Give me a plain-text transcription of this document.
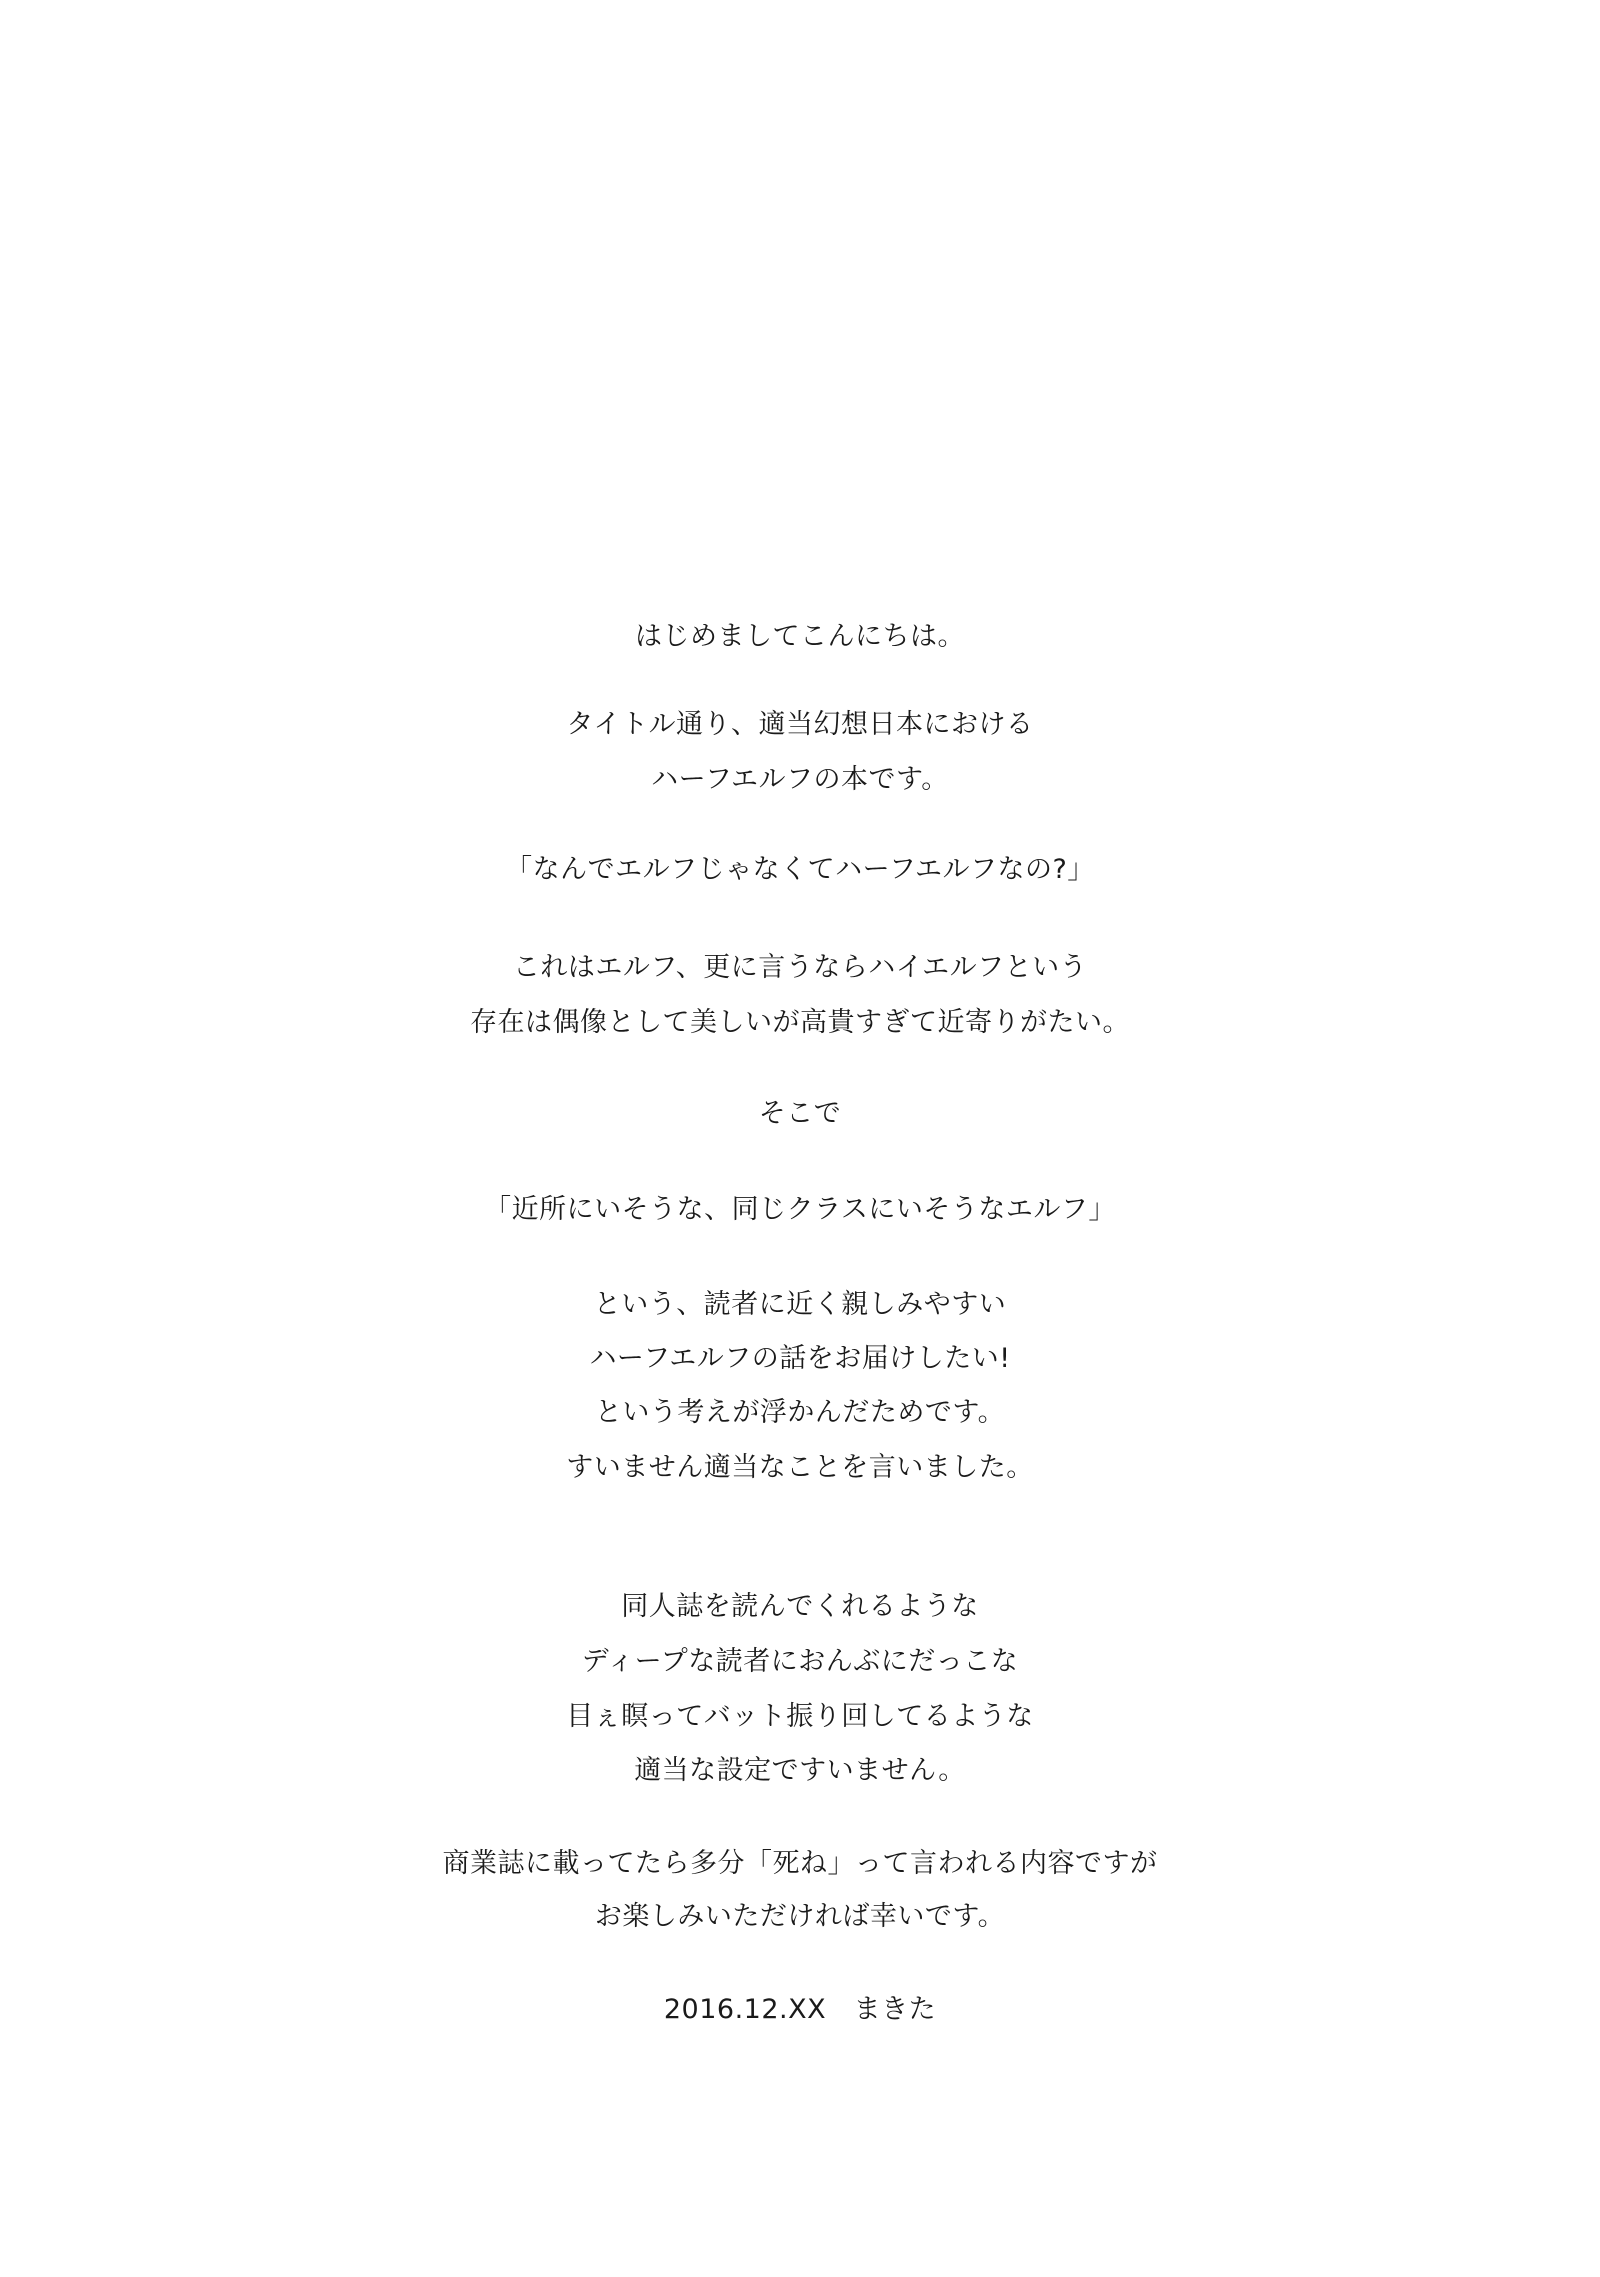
はじめましてこんにちは。
タイトル通り、適当幻想日本における
ハーフエルフの本です。
「なんでエルフじゃなくてハーフエルフなの?」
これはエルフ、更に言うならハイエルフという
存在は偶像として美しいが高貴すぎて近寄りがたい。
そこで
「近所にいそうな、同じクラスにいそうなエルフ」
という、読者に近く親しみやすい
ハーフエルフの話をお届けしたい!
という考えが浮かんだためです。
すいません適当なことを言いました。
同人誌を読んでくれるような
ディープな読者におんぶにだっこな
目ぇ瞑ってバット振り回してるような
適当な設定ですいません。
商業誌に載ってたら多分「死ね」って言われる内容ですが
お楽しみいただければ幸いです。
2016.12.XX　まきた
